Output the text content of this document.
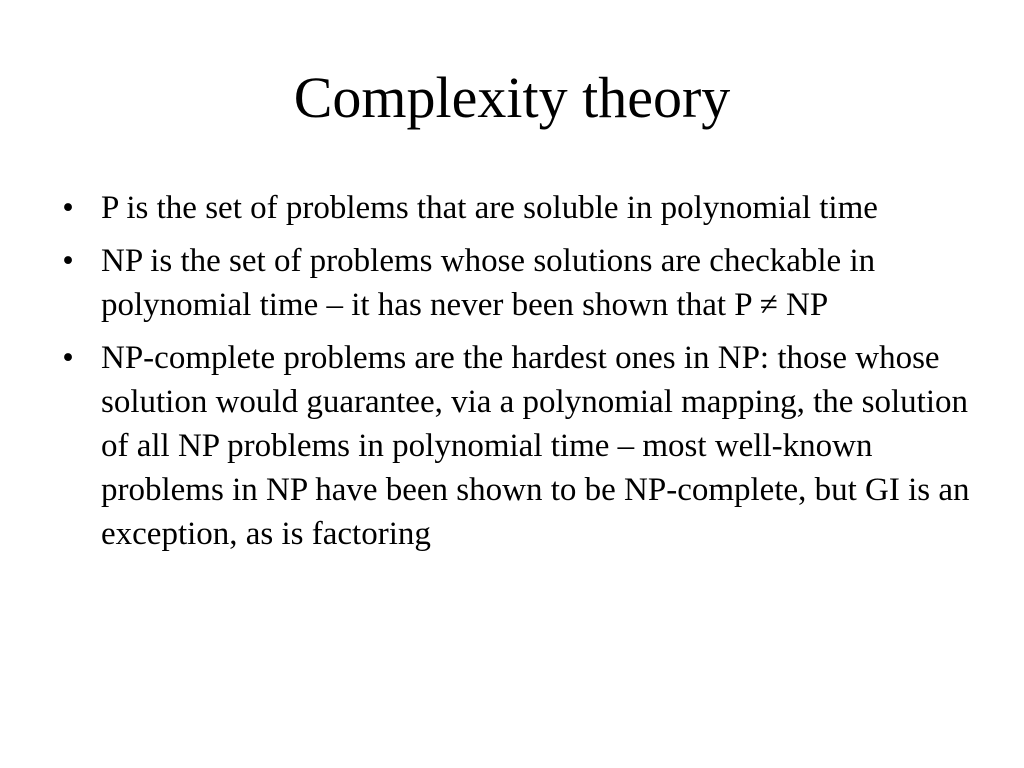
Complexity theory
• P is the set of problems that are soluble in polynomial time
• NP is the set of problems whose solutions are checkable in polynomial time – it has never been shown that P ≠ NP
• NP-complete problems are the hardest ones in NP: those whose solution would guarantee, via a polynomial mapping, the solution of all NP problems in polynomial time – most well-known problems in NP have been shown to be NP-complete, but GI is an exception, as is factoring
